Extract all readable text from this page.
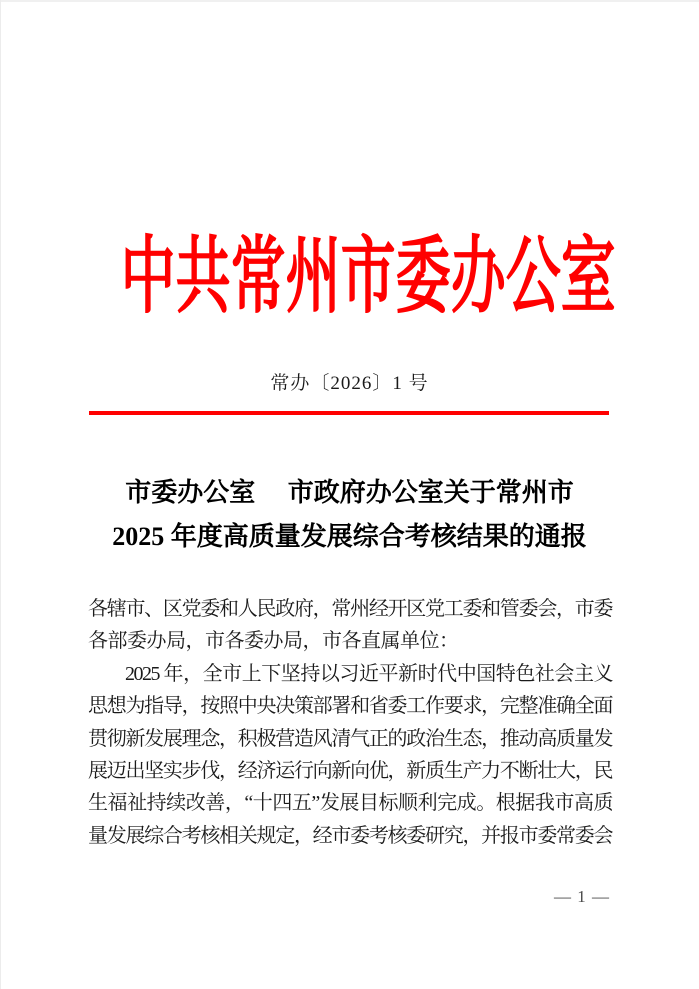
中共常州市委办公室
常办〔2026〕1 号
市委办公室　 市政府办公室关于常州市
2025 年度高质量发展综合考核结果的通报
各辖市、区党委和人民政府，常州经开区党工委和管委会，市委
各部委办局，市各委办局，市各直属单位：
2025 年，全市上下坚持以习近平新时代中国特色社会主义
思想为指导，按照中央决策部署和省委工作要求，完整准确全面
贯彻新发展理念，积极营造风清气正的政治生态，推动高质量发
展迈出坚实步伐，经济运行向新向优，新质生产力不断壮大，民
生福祉持续改善，“十四五”发展目标顺利完成。根据我市高质
量发展综合考核相关规定，经市委考核委研究，并报市委常委会
— 1 —
